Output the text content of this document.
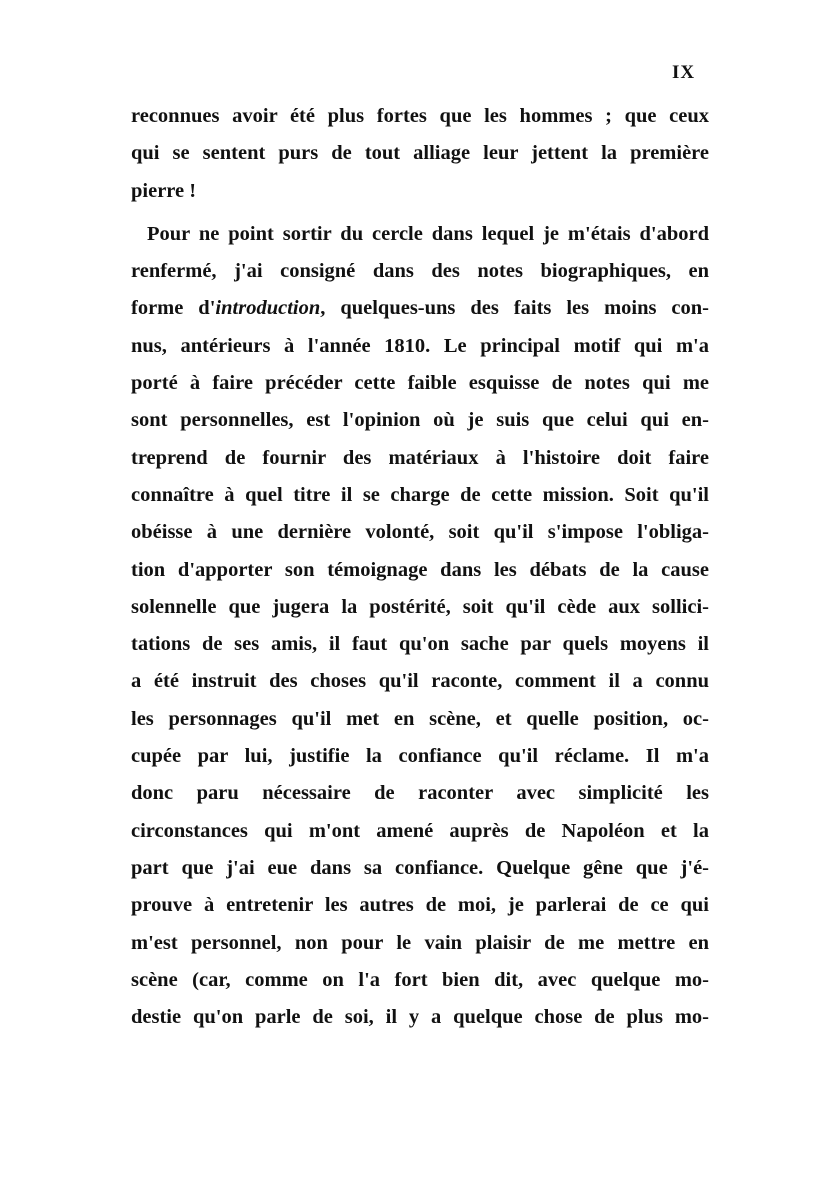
IX
reconnues avoir été plus fortes que les hommes ; que ceux
qui se sentent purs de tout alliage leur jettent la première
pierre !
Pour ne point sortir du cercle dans lequel je m'étais d'abord
renfermé, j'ai consigné dans des notes biographiques, en
forme d'introduction, quelques-uns des faits les moins con-
nus, antérieurs à l'année 1810. Le principal motif qui m'a
porté à faire précéder cette faible esquisse de notes qui me
sont personnelles, est l'opinion où je suis que celui qui en-
treprend de fournir des matériaux à l'histoire doit faire
connaître à quel titre il se charge de cette mission. Soit qu'il
obéisse à une dernière volonté, soit qu'il s'impose l'obliga-
tion d'apporter son témoignage dans les débats de la cause
solennelle que jugera la postérité, soit qu'il cède aux sollici-
tations de ses amis, il faut qu'on sache par quels moyens il
a été instruit des choses qu'il raconte, comment il a connu
les personnages qu'il met en scène, et quelle position, oc-
cupée par lui, justifie la confiance qu'il réclame. Il m'a
donc paru nécessaire de raconter avec simplicité les
circonstances qui m'ont amené auprès de Napoléon et la
part que j'ai eue dans sa confiance. Quelque gêne que j'é-
prouve à entretenir les autres de moi, je parlerai de ce qui
m'est personnel, non pour le vain plaisir de me mettre en
scène (car, comme on l'a fort bien dit, avec quelque mo-
destie qu'on parle de soi, il y a quelque chose de plus mo-
